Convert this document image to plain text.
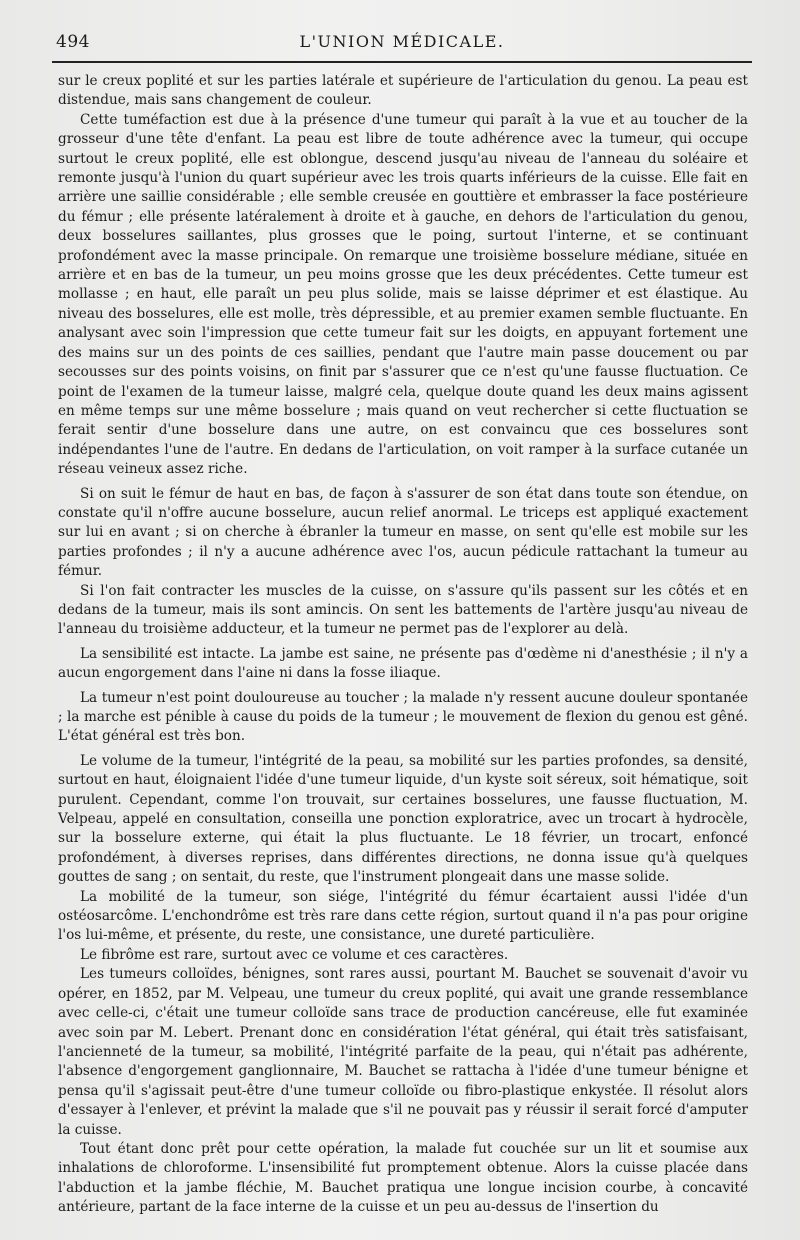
494	L'UNION MÉDICALE.

sur le creux poplité et sur les parties latérale et supérieure de l'articulation du genou. La peau est distendue, mais sans changement de couleur.

Cette tuméfaction est due à la présence d'une tumeur qui paraît à la vue et au toucher de la grosseur d'une tête d'enfant. La peau est libre de toute adhérence avec la tumeur, qui occupe surtout le creux poplité, elle est oblongue, descend jusqu'au niveau de l'anneau du soléaire et remonte jusqu'à l'union du quart supérieur avec les trois quarts inférieurs de la cuisse. Elle fait en arrière une saillie considérable ; elle semble creusée en gouttière et embrasser la face postérieure du fémur ; elle présente latéralement à droite et à gauche, en dehors de l'articulation du genou, deux bosselures saillantes, plus grosses que le poing, surtout l'interne, et se continuant profondément avec la masse principale. On remarque une troisième bosselure médiane, située en arrière et en bas de la tumeur, un peu moins grosse que les deux précédentes. Cette tumeur est mollasse ; en haut, elle paraît un peu plus solide, mais se laisse déprimer et est élastique. Au niveau des bosselures, elle est molle, très dépressible, et au premier examen semble fluctuante. En analysant avec soin l'impression que cette tumeur fait sur les doigts, en appuyant fortement une des mains sur un des points de ces saillies, pendant que l'autre main passe doucement ou par secousses sur des points voisins, on finit par s'assurer que ce n'est qu'une fausse fluctuation. Ce point de l'examen de la tumeur laisse, malgré cela, quelque doute quand les deux mains agissent en même temps sur une même bosselure ; mais quand on veut rechercher si cette fluctuation se ferait sentir d'une bosselure dans une autre, on est convaincu que ces bosselures sont indépendantes l'une de l'autre. En dedans de l'articulation, on voit ramper à la surface cutanée un réseau veineux assez riche.

Si on suit le fémur de haut en bas, de façon à s'assurer de son état dans toute son étendue, on constate qu'il n'offre aucune bosselure, aucun relief anormal. Le triceps est appliqué exactement sur lui en avant ; si on cherche à ébranler la tumeur en masse, on sent qu'elle est mobile sur les parties profondes ; il n'y a aucune adhérence avec l'os, aucun pédicule rattachant la tumeur au fémur.

Si l'on fait contracter les muscles de la cuisse, on s'assure qu'ils passent sur les côtés et en dedans de la tumeur, mais ils sont amincis. On sent les battements de l'artère jusqu'au niveau de l'anneau du troisième adducteur, et la tumeur ne permet pas de l'explorer au delà.

La sensibilité est intacte. La jambe est saine, ne présente pas d'œdème ni d'anesthésie ; il n'y a aucun engorgement dans l'aine ni dans la fosse iliaque.

La tumeur n'est point douloureuse au toucher ; la malade n'y ressent aucune douleur spontanée ; la marche est pénible à cause du poids de la tumeur ; le mouvement de flexion du genou est gêné. L'état général est très bon.

Le volume de la tumeur, l'intégrité de la peau, sa mobilité sur les parties profondes, sa densité, surtout en haut, éloignaient l'idée d'une tumeur liquide, d'un kyste soit séreux, soit hématique, soit purulent. Cependant, comme l'on trouvait, sur certaines bosselures, une fausse fluctuation, M. Velpeau, appelé en consultation, conseilla une ponction exploratrice, avec un trocart à hydrocèle, sur la bosselure externe, qui était la plus fluctuante. Le 18 février, un trocart, enfoncé profondément, à diverses reprises, dans différentes directions, ne donna issue qu'à quelques gouttes de sang ; on sentait, du reste, que l'instrument plongeait dans une masse solide.

La mobilité de la tumeur, son siége, l'intégrité du fémur écartaient aussi l'idée d'un ostéosarcôme. L'enchondrôme est très rare dans cette région, surtout quand il n'a pas pour origine l'os lui-même, et présente, du reste, une consistance, une dureté particulière.

Le fibrôme est rare, surtout avec ce volume et ces caractères.

Les tumeurs colloïdes, bénignes, sont rares aussi, pourtant M. Bauchet se souvenait d'avoir vu opérer, en 1852, par M. Velpeau, une tumeur du creux poplité, qui avait une grande ressemblance avec celle-ci, c'était une tumeur colloïde sans trace de production cancéreuse, elle fut examinée avec soin par M. Lebert. Prenant donc en considération l'état général, qui était très satisfaisant, l'ancienneté de la tumeur, sa mobilité, l'intégrité parfaite de la peau, qui n'était pas adhérente, l'absence d'engorgement ganglionnaire, M. Bauchet se rattacha à l'idée d'une tumeur bénigne et pensa qu'il s'agissait peut-être d'une tumeur colloïde ou fibro-plastique enkystée. Il résolut alors d'essayer à l'enlever, et prévint la malade que s'il ne pouvait pas y réussir il serait forcé d'amputer la cuisse.

Tout étant donc prêt pour cette opération, la malade fut couchée sur un lit et soumise aux inhalations de chloroforme. L'insensibilité fut promptement obtenue. Alors la cuisse placée dans l'abduction et la jambe fléchie, M. Bauchet pratiqua une longue incision courbe, à concavité antérieure, partant de la face interne de la cuisse et un peu au-dessus de l'insertion du
